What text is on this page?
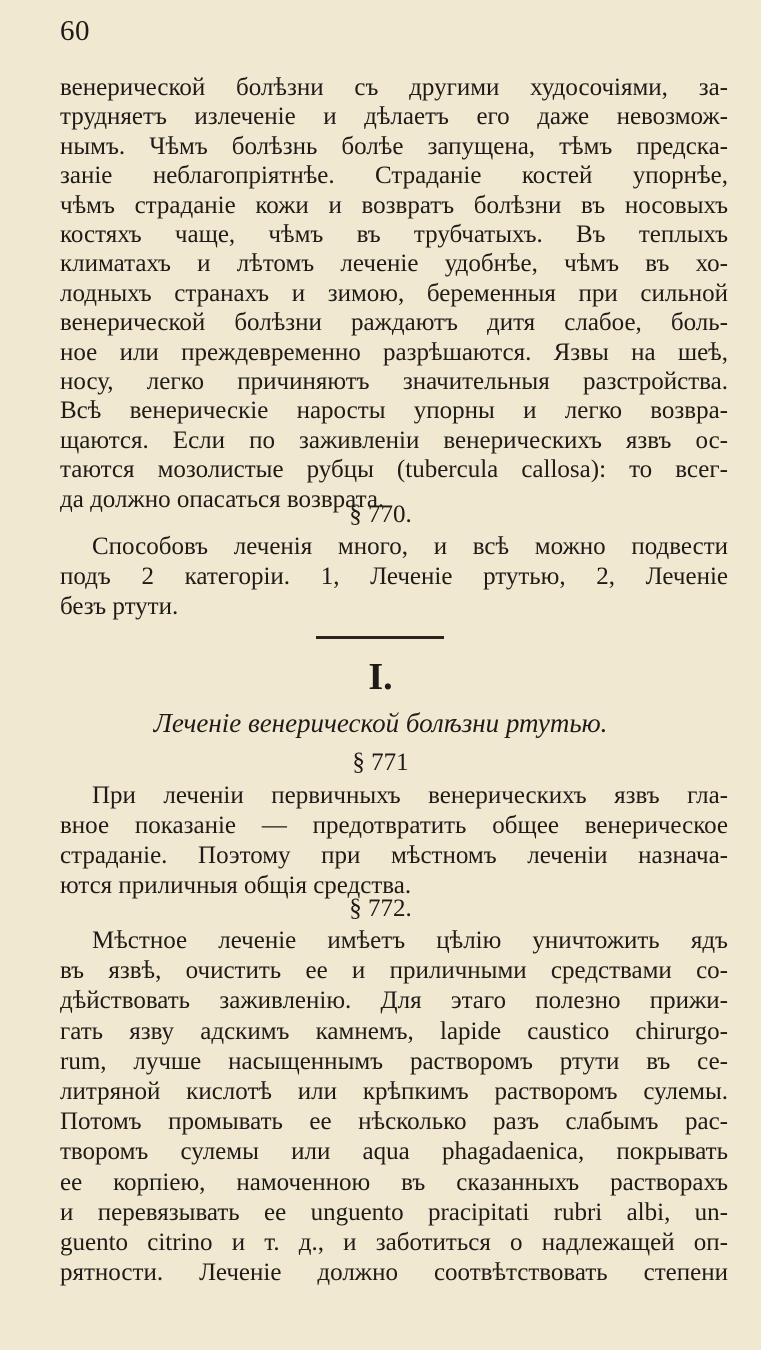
60
венерической болѣзни съ другими худосочіями, за-
трудняетъ излеченіе и дѣлаетъ его даже невозмож-
нымъ. Чѣмъ болѣзнь болѣе запущена, тѣмъ предска-
заніе неблагопріятнѣе. Страданіе костей упорнѣе,
чѣмъ страданіе кожи и возвратъ болѣзни въ носовыхъ
костяхъ чаще, чѣмъ въ трубчатыхъ. Въ теплыхъ
климатахъ и лѣтомъ леченіе удобнѣе, чѣмъ въ хо-
лодныхъ странахъ и зимою, беременныя при сильной
венерической болѣзни раждаютъ дитя слабое, боль-
ное или преждевременно разрѣшаются. Язвы на шеѣ,
носу, легко причиняютъ значительныя разстройства.
Всѣ венерическіе наросты упорны и легко возвра-
щаются. Если по заживленіи венерическихъ язвъ ос-
таются мозолистые рубцы (tubercula callosa): то всег-
да должно опасаться возврата.
§ 770.
I.
Леченіе венерической болѣзни ртутью.
§ 771
При леченіи первичныхъ венерическихъ язвъ гла-
вное показаніе — предотвратить общее венерическое
страданіе. Поэтому при мѣстномъ леченіи назнача-
ются приличныя общія средства.
§ 772.
Мѣстное леченіе имѣетъ цѣлію уничтожить ядъ
въ язвѣ, очистить ее и приличными средствами со-
дѣйствовать заживленію. Для этаго полезно прижи-
гать язву адскимъ камнемъ, lapide caustico chirurgo-
rum, лучше насыщеннымъ растворомъ ртути въ се-
литряной кислотѣ или крѣпкимъ растворомъ сулемы.
Потомъ промывать ее нѣсколько разъ слабымъ рас-
творомъ сулемы или aqua phagadaenica, покрывать
ее корпіею, намоченною въ сказанныхъ растворахъ
и перевязывать ее unguento pracipitati rubri albi, un-
guento citrino и т. д., и заботиться о надлежащей оп-
Способовъ леченія много, и всѣ можно подвести
подъ 2 категоріи. 1, Леченіе ртутью, 2, Леченіе
безъ ртути.
рятности. Леченіе должно соотвѣтствовать степени
